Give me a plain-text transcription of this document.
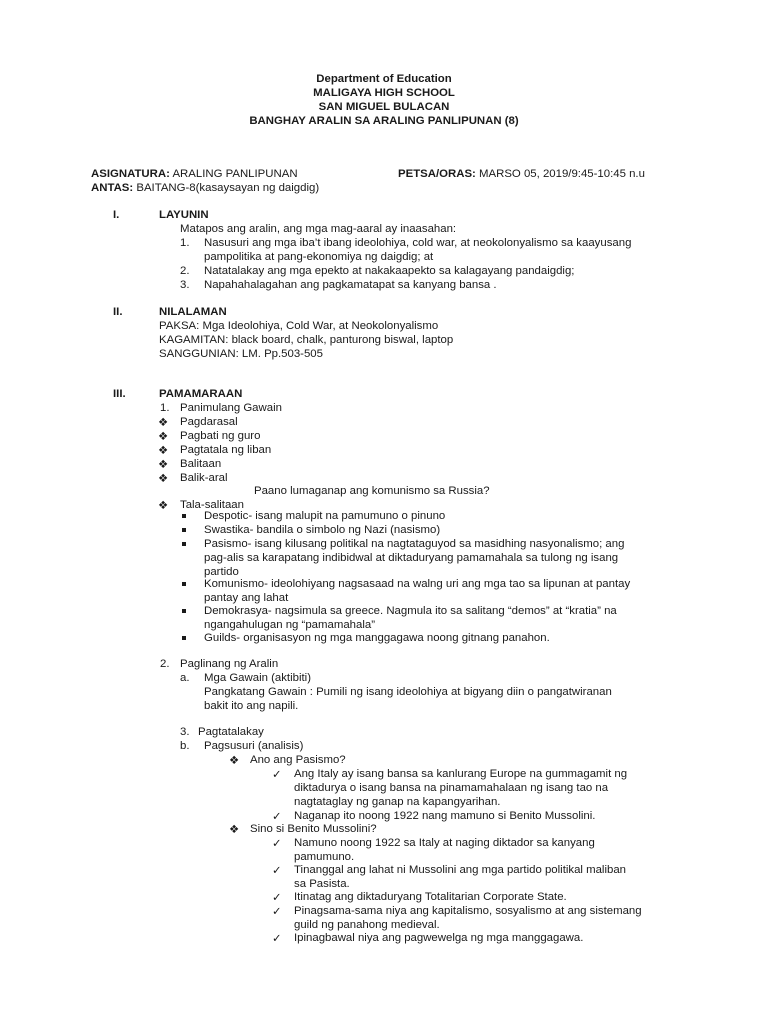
Department of Education
MALIGAYA HIGH SCHOOL
SAN MIGUEL BULACAN
BANGHAY ARALIN SA ARALING PANLIPUNAN (8)
ASIGNATURA: ARALING PANLIPUNAN	PETSA/ORAS: MARSO 05, 2019/9:45-10:45 n.u
ANTAS: BAITANG-8(kasaysayan ng daigdig)
I.	LAYUNIN
Matapos ang aralin, ang mga mag-aaral ay inaasahan:
1. Nasusuri ang mga iba’t ibang ideolohiya, cold war, at neokolonyalismo sa kaayusang
pampolitika at pang-ekonomiya ng daigdig; at
2. Natatalakay ang mga epekto at nakakaapekto sa kalagayang pandaigdig;
3. Napahahalagahan ang pagkamatapat sa kanyang bansa .
II.	NILALAMAN
PAKSA: Mga Ideolohiya, Cold War, at Neokolonyalismo
KAGAMITAN: black board, chalk, panturong biswal, laptop
SANGGUNIAN: LM. Pp.503-505
III.	PAMAMARAAN
1. Panimulang Gawain
❖ Pagdarasal
❖ Pagbati ng guro
❖ Pagtatala ng liban
❖ Balitaan
❖ Balik-aral
Paano lumaganap ang komunismo sa Russia?
❖ Tala-salitaan
Despotic- isang malupit na pamumuno o pinuno
Swastika- bandila o simbolo ng Nazi (nasismo)
Pasismo- isang kilusang politikal na nagtataguyod sa masidhing nasyonalismo; ang
pag-alis sa karapatang indibidwal at diktaduryang pamamahala sa tulong ng isang
partido
Komunismo- ideolohiyang nagsasaad na walng uri ang mga tao sa lipunan at pantay
pantay ang lahat
Demokrasya- nagsimula sa greece. Nagmula ito sa salitang “demos” at “kratia” na
ngangahulugan ng “pamamahala”
Guilds- organisasyon ng mga manggagawa noong gitnang panahon.
2. Paglinang ng Aralin
a. Mga Gawain (aktibiti)
Pangkatang Gawain : Pumili ng isang ideolohiya at bigyang diin o pangatwiranan
bakit ito ang napili.
3. Pagtatalakay
b. Pagsusuri (analisis)
❖ Ano ang Pasismo?
✓ Ang Italy ay isang bansa sa kanlurang Europe na gummagamit ng
diktadurya o isang bansa na pinamamahalaan ng isang tao na
nagtataglay ng ganap na kapangyarihan.
✓ Naganap ito noong 1922 nang mamuno si Benito Mussolini.
❖ Sino si Benito Mussolini?
✓ Namuno noong 1922 sa Italy at naging diktador sa kanyang
pamumuno.
✓ Tinanggal ang lahat ni Mussolini ang mga partido politikal maliban
sa Pasista.
✓ Itinatag ang diktaduryang Totalitarian Corporate State.
✓ Pinagsama-sama niya ang kapitalismo, sosyalismo at ang sistemang
guild ng panahong medieval.
✓ Ipinagbawal niya ang pagwewelga ng mga manggagawa.
